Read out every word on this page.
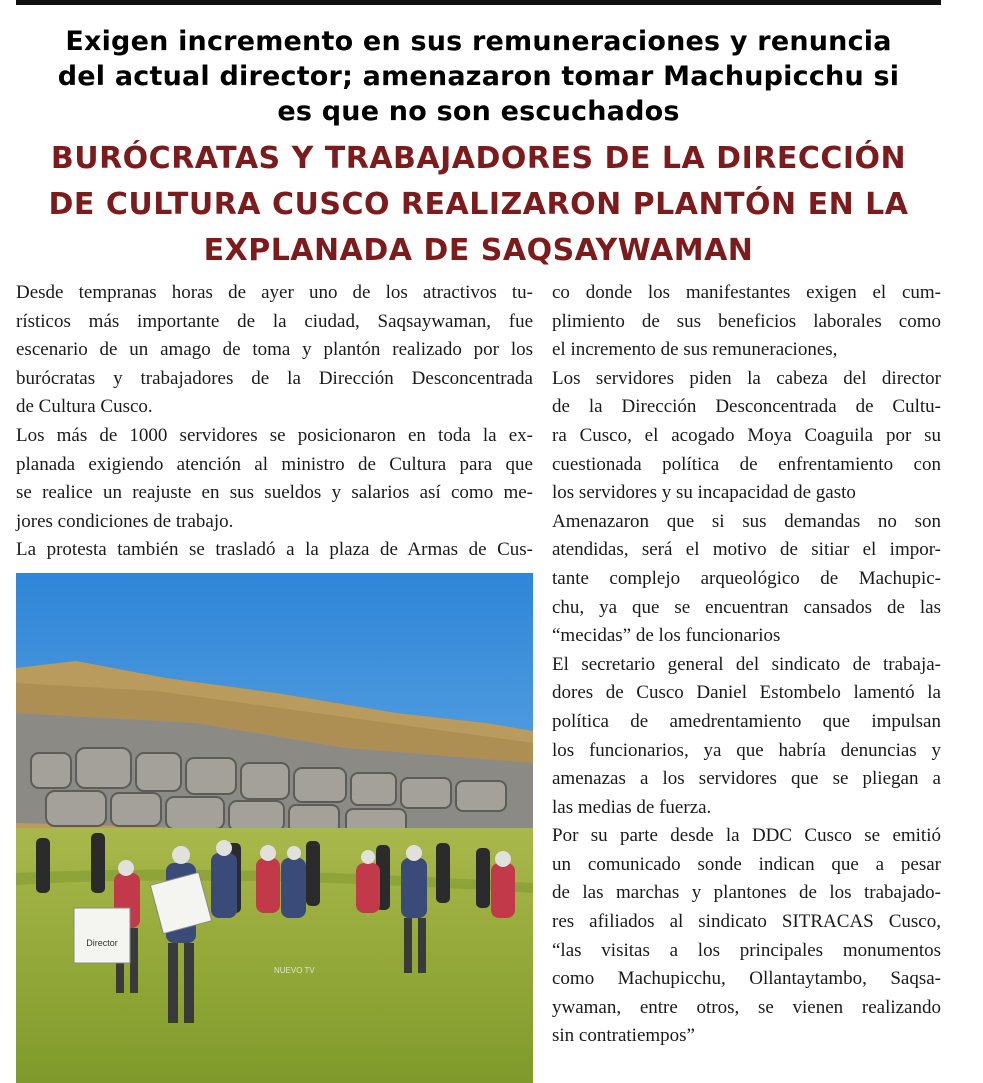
Exigen incremento en sus remuneraciones y renuncia
del actual director; amenazaron tomar Machupicchu si
es que no son escuchados
BURÓCRATAS Y TRABAJADORES DE LA DIRECCIÓN
DE CULTURA CUSCO REALIZARON PLANTÓN EN LA
EXPLANADA DE SAQSAYWAMAN
Desde tempranas horas de ayer uno de los atractivos tu-
rísticos más importante de la ciudad, Saqsaywaman, fue
escenario de un amago de toma y plantón realizado por los
burócratas y trabajadores de la Dirección Desconcentrada
de Cultura Cusco.
Los más de 1000 servidores se posicionaron en toda la ex-
planada exigiendo atención al ministro de Cultura para que
se realice un reajuste en sus sueldos y salarios así como me-
jores condiciones de trabajo.
La protesta también se trasladó a la plaza de Armas de Cus-
Director
NUEVO TV
co donde los manifestantes exigen el cum-
plimiento de sus beneficios laborales como
el incremento de sus remuneraciones,
Los servidores piden la cabeza del director
de la Dirección Desconcentrada de Cultu-
ra Cusco, el acogado Moya Coaguila por su
cuestionada política de enfrentamiento con
los servidores y su incapacidad de gasto
Amenazaron que si sus demandas no son
atendidas, será el motivo de sitiar el impor-
tante complejo arqueológico de Machupic-
chu, ya que se encuentran cansados de las
“mecidas” de los funcionarios
El secretario general del sindicato de trabaja-
dores de Cusco Daniel Estombelo lamentó la
política de amedrentamiento que impulsan
los funcionarios, ya que habría denuncias y
amenazas a los servidores que se pliegan a
las medias de fuerza.
Por su parte desde la DDC Cusco se emitió
un comunicado sonde indican que a pesar
de las marchas y plantones de los trabajado-
res afiliados al sindicato SITRACAS Cusco,
“las visitas a los principales monumentos
como Machupicchu, Ollantaytambo, Saqsa-
ywaman, entre otros, se vienen realizando
sin contratiempos”
